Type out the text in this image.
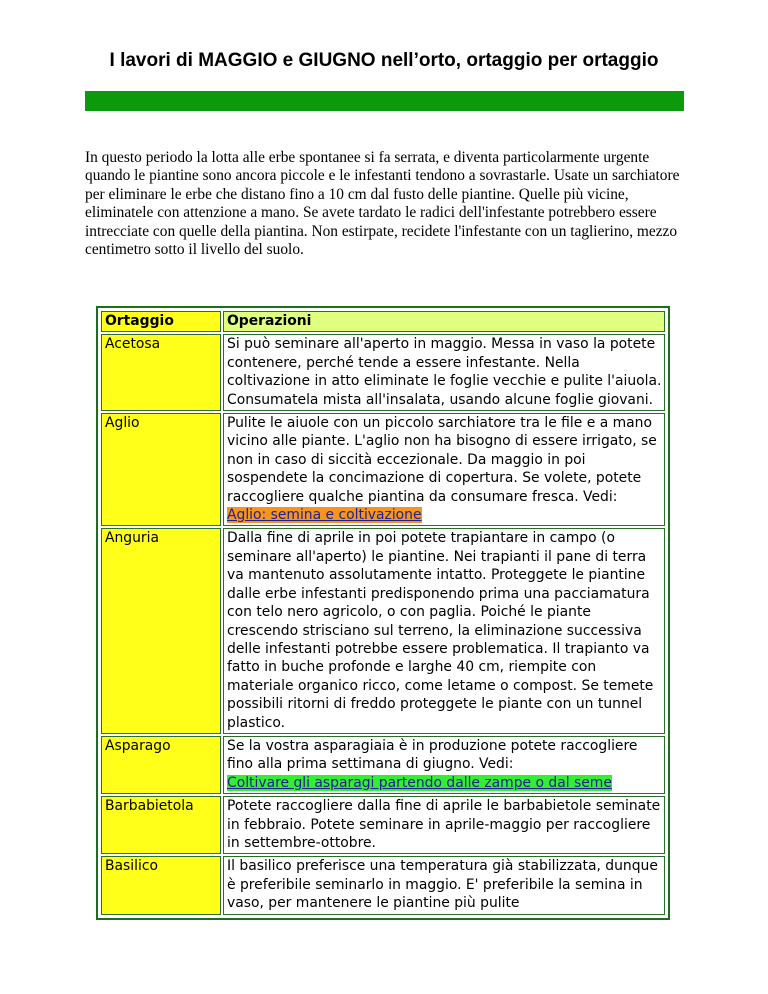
I lavori di MAGGIO e GIUGNO nell’orto, ortaggio per ortaggio
In questo periodo la lotta alle erbe spontanee si fa serrata, e diventa particolarmente urgente quando le piantine sono ancora piccole e le infestanti tendono a sovrastarle. Usate un sarchiatore per eliminare le erbe che distano fino a 10 cm dal fusto delle piantine. Quelle più vicine, eliminatele con attenzione a mano. Se avete tardato le radici dell'infestante potrebbero essere intrecciate con quelle della piantina. Non estirpate, recidete l'infestante con un taglierino, mezzo centimetro sotto il livello del suolo.
Ortaggio	Operazioni
Acetosa	Si può seminare all'aperto in maggio. Messa in vaso la potete contenere, perché tende a essere infestante. Nella coltivazione in atto eliminate le foglie vecchie e pulite l'aiuola. Consumatela mista all'insalata, usando alcune foglie giovani.
Aglio	Pulite le aiuole con un piccolo sarchiatore tra le file e a mano vicino alle piante. L'aglio non ha bisogno di essere irrigato, se non in caso di siccità eccezionale. Da maggio in poi sospendete la concimazione di copertura. Se volete, potete raccogliere qualche piantina da consumare fresca. Vedi:
Aglio: semina e coltivazione
Anguria	Dalla fine di aprile in poi potete trapiantare in campo (o seminare all'aperto) le piantine. Nei trapianti il pane di terra va mantenuto assolutamente intatto. Proteggete le piantine dalle erbe infestanti predisponendo prima una pacciamatura con telo nero agricolo, o con paglia. Poiché le piante crescendo strisciano sul terreno, la eliminazione successiva delle infestanti potrebbe essere problematica. Il trapianto va fatto in buche profonde e larghe 40 cm, riempite con materiale organico ricco, come letame o compost. Se temete possibili ritorni di freddo proteggete le piante con un tunnel plastico.
Asparago	Se la vostra asparagiaia è in produzione potete raccogliere fino alla prima settimana di giugno. Vedi:
Coltivare gli asparagi partendo dalle zampe o dal seme
Barbabietola	Potete raccogliere dalla fine di aprile le barbabietole seminate in febbraio. Potete seminare in aprile-maggio per raccogliere in settembre-ottobre.
Basilico	Il basilico preferisce una temperatura già stabilizzata, dunque è preferibile seminarlo in maggio. E' preferibile la semina in vaso, per mantenere le piantine più pulite
